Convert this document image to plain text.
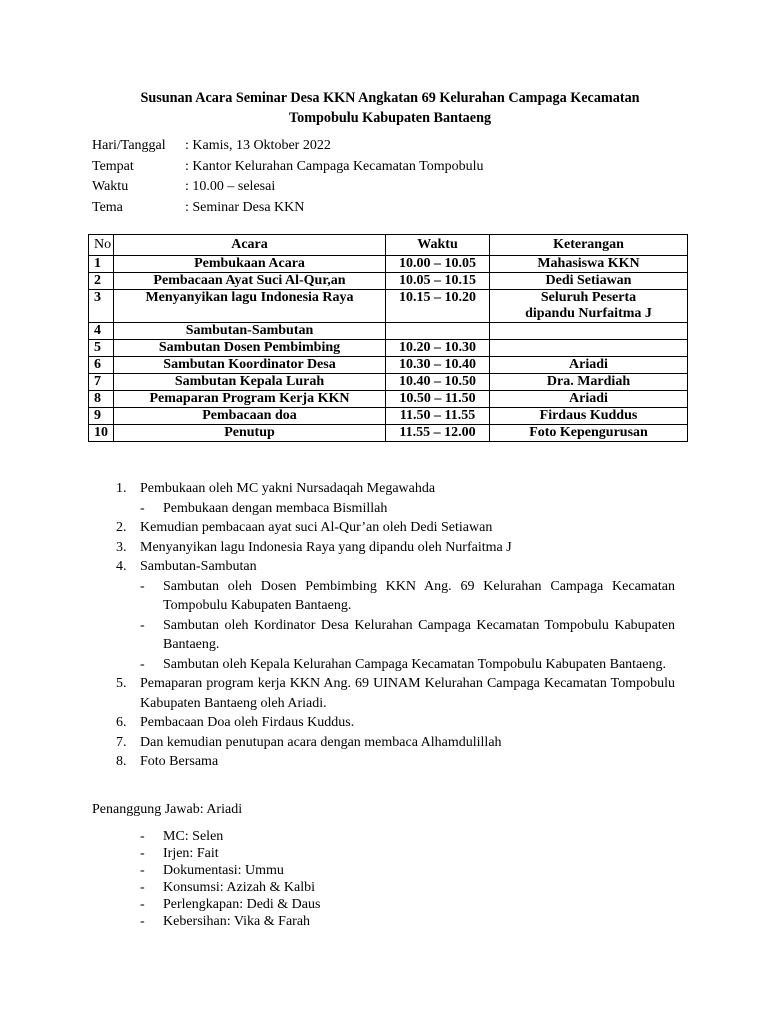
Susunan Acara Seminar Desa KKN Angkatan 69 Kelurahan Campaga Kecamatan
Tompobulu Kabupaten Bantaeng
Hari/Tanggal : Kamis, 13 Oktober 2022
Tempat	: Kantor Kelurahan Campaga Kecamatan Tompobulu
Waktu	: 10.00 – selesai
Tema	: Seminar Desa KKN
No	Acara	Waktu	Keterangan
1	Pembukaan Acara	10.00 – 10.05	Mahasiswa KKN
2	Pembacaan Ayat Suci Al-Qur,an	10.05 – 10.15	Dedi Setiawan
3	Menyanyikan lagu Indonesia Raya	10.15 – 10.20	Seluruh Peserta
dipandu Nurfaitma J

4	Sambutan-Sambutan		
5	Sambutan Dosen Pembimbing	10.20 – 10.30	
6	Sambutan Koordinator Desa	10.30 – 10.40	Ariadi
7	Sambutan Kepala Lurah	10.40 – 10.50	Dra. Mardiah
8	Pemaparan Program Kerja KKN	10.50 – 11.50	Ariadi
9	Pembacaan doa	11.50 – 11.55	Firdaus Kuddus
10	Penutup	11.55 – 12.00	Foto Kepengurusan
1. Pembukaan oleh MC yakni Nursadaqah Megawahda
- Pembukaan dengan membaca Bismillah
2. Kemudian pembacaan ayat suci Al-Qur’an oleh Dedi Setiawan
3. Menyanyikan lagu Indonesia Raya yang dipandu oleh Nurfaitma J
4. Sambutan-Sambutan
- Sambutan oleh Dosen Pembimbing KKN Ang. 69 Kelurahan Campaga Kecamatan Tompobulu Kabupaten Bantaeng.
- Sambutan oleh Kordinator Desa Kelurahan Campaga Kecamatan Tompobulu Kabupaten Bantaeng.
- Sambutan oleh Kepala Kelurahan Campaga Kecamatan Tompobulu Kabupaten Bantaeng.
5. Pemaparan program kerja KKN Ang. 69 UINAM Kelurahan Campaga Kecamatan Tompobulu Kabupaten Bantaeng oleh Ariadi.
6. Pembacaan Doa oleh Firdaus Kuddus.
7. Dan kemudian penutupan acara dengan membaca Alhamdulillah
8. Foto Bersama
Penanggung Jawab: Ariadi
- MC: Selen
- Irjen: Fait
- Dokumentasi: Ummu
- Konsumsi: Azizah & Kalbi
- Perlengkapan: Dedi & Daus
- Kebersihan: Vika & Farah
